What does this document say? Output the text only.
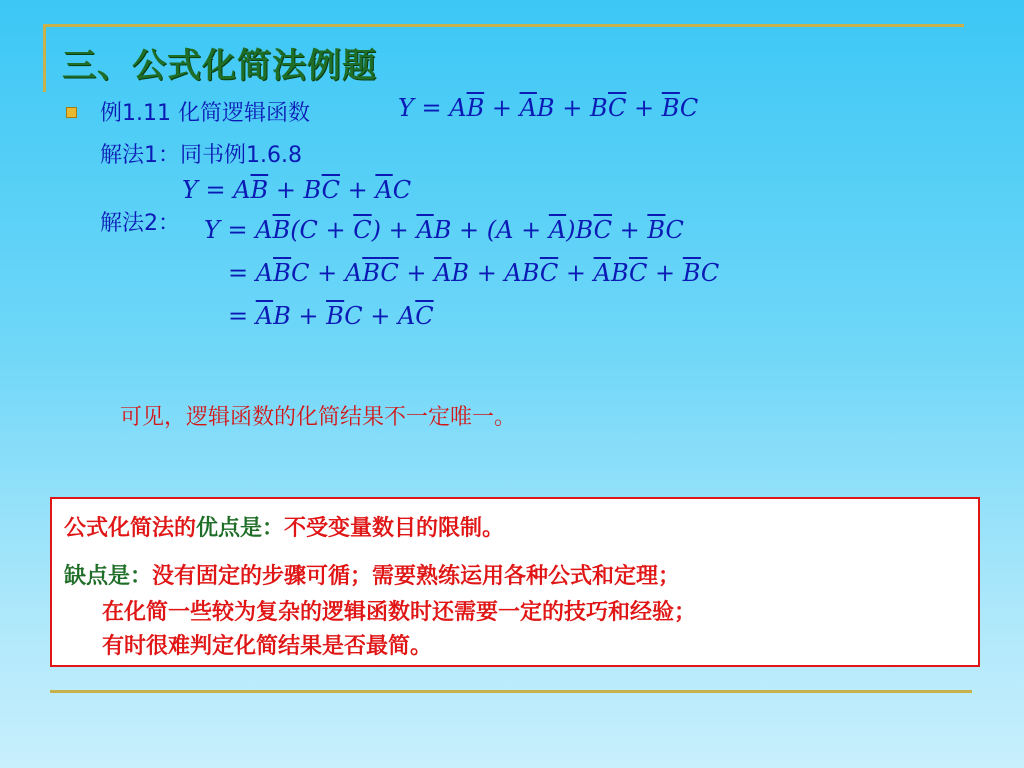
三、公式化简法例题
例1.11 化简逻辑函数	$Y = A\overline{B} + \overline{A}B + B\overline{C} + \overline{B}C$
解法1：同书例1.6.8
$Y = A\overline{B} + B\overline{C} + \overline{A}C$
解法2： $Y = A\overline{B}(C + \overline{C}) + \overline{A}B + (A + \overline{A})B\overline{C} + \overline{B}C$
= $A\overline{B}C + A\overline{B}\overline{C} + \overline{A}B + AB\overline{C} + \overline{A}B\overline{C} + \overline{B}C$
= $\overline{A}B + \overline{B}C + A\overline{C}$
可见，逻辑函数的化简结果不一定唯一。
公式化简法的优点是：不受变量数目的限制。
缺点是：没有固定的步骤可循；需要熟练运用各种公式和定理；
在化简一些较为复杂的逻辑函数时还需要一定的技巧和经验；
有时很难判定化简结果是否最简。
